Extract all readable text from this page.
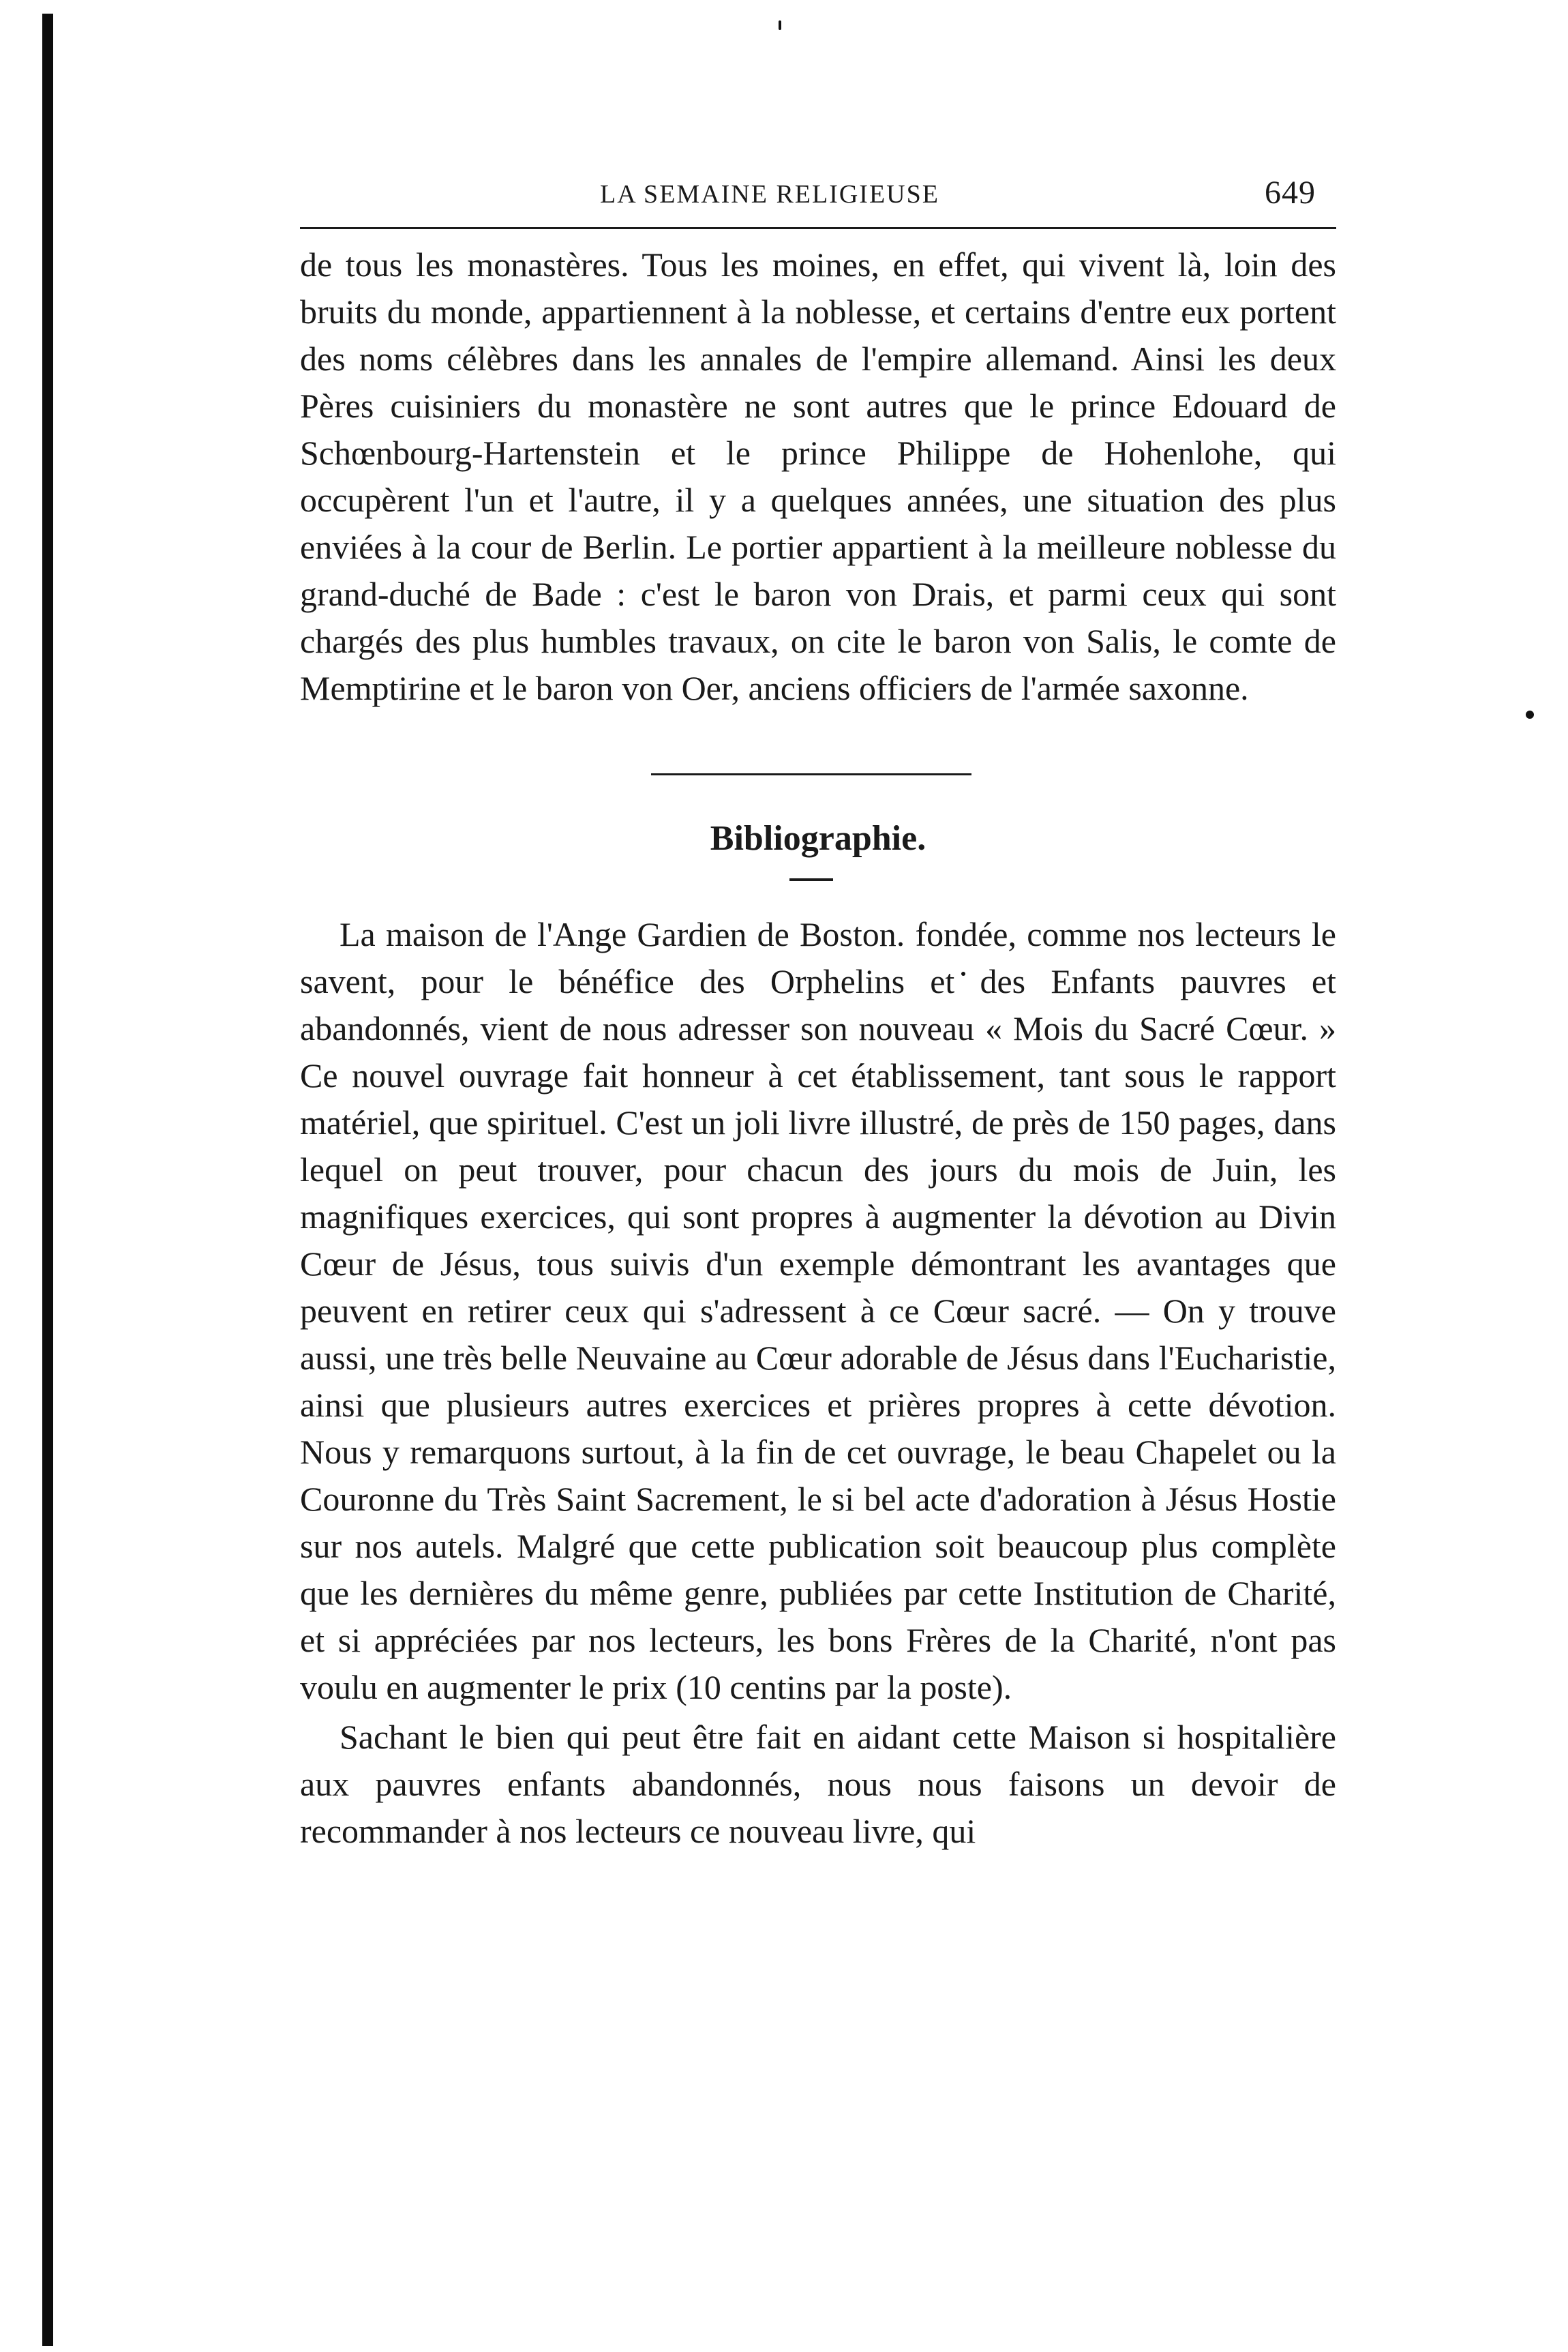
LA SEMAINE RELIGIEUSE	649

de tous les monastères. Tous les moines, en effet, qui vivent là, loin des bruits du monde, appartiennent à la noblesse, et certains d'entre eux portent des noms célèbres dans les annales de l'empire allemand. Ainsi les deux Pères cuisiniers du monastère ne sont autres que le prince Edouard de Schœnbourg-Hartenstein et le prince Philippe de Hohenlohe, qui occupèrent l'un et l'autre, il y a quelques années, une situation des plus enviées à la cour de Berlin. Le portier appartient à la meilleure noblesse du grand-duché de Bade : c'est le baron von Drais, et parmi ceux qui sont chargés des plus humbles travaux, on cite le baron von Salis, le comte de Memptirine et le baron von Oer, anciens officiers de l'armée saxonne.

Bibliographie.

La maison de l'Ange Gardien de Boston. fondée, comme nos lecteurs le savent, pour le bénéfice des Orphelins et des Enfants pauvres et abandonnés, vient de nous adresser son nouveau « Mois du Sacré Cœur. » Ce nouvel ouvrage fait honneur à cet établissement, tant sous le rapport matériel, que spirituel. C'est un joli livre illustré, de près de 150 pages, dans lequel on peut trouver, pour chacun des jours du mois de Juin, les magnifiques exercices, qui sont propres à augmenter la dévotion au Divin Cœur de Jésus, tous suivis d'un exemple démontrant les avantages que peuvent en retirer ceux qui s'adressent à ce Cœur sacré. — On y trouve aussi, une très belle Neuvaine au Cœur adorable de Jésus dans l'Eucharistie, ainsi que plusieurs autres exercices et prières propres à cette dévotion. Nous y remarquons surtout, à la fin de cet ouvrage, le beau Chapelet ou la Couronne du Très Saint Sacrement, le si bel acte d'adoration à Jésus Hostie sur nos autels. Malgré que cette publication soit beaucoup plus complète que les dernières du même genre, publiées par cette Institution de Charité, et si appréciées par nos lecteurs, les bons Frères de la Charité, n'ont pas voulu en augmenter le prix (10 centins par la poste).

Sachant le bien qui peut être fait en aidant cette Maison si hospitalière aux pauvres enfants abandonnés, nous nous faisons un devoir de recommander à nos lecteurs ce nouveau livre, qui
